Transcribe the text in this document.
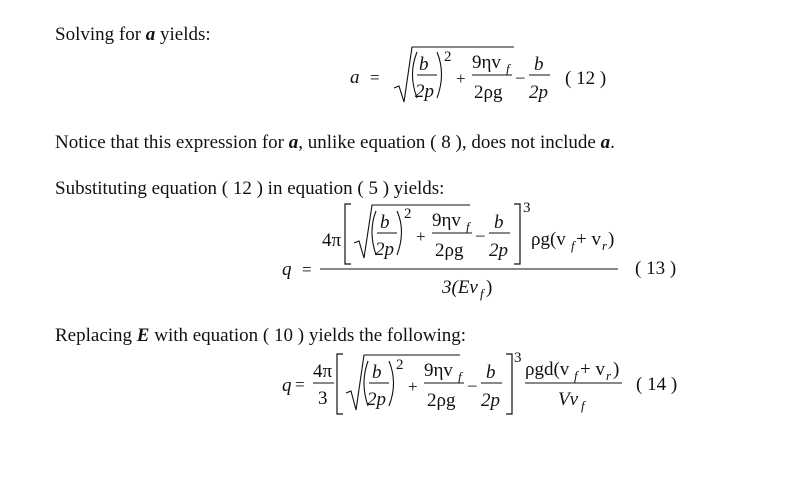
Solving for a yields:
a =
b
2p
2
+
9ηv f
2ρg
–
b
2p
( 12 )
Notice that this expression for a, unlike equation ( 8 ), does not include a.
Substituting equation ( 12 ) in equation ( 5 ) yields:
q =
4π
b
2p
2
+
9ηv f
2ρg
–
b
2p
3
ρg(v f + v r )
3(Ev f )
( 13 )
Replacing E with equation ( 10 ) yields the following:
q =
4π
3
b
2p
2
+
9ηv f
2ρg
–
b
2p
3
ρgd(v f + v r )
Vv f
( 14 )
